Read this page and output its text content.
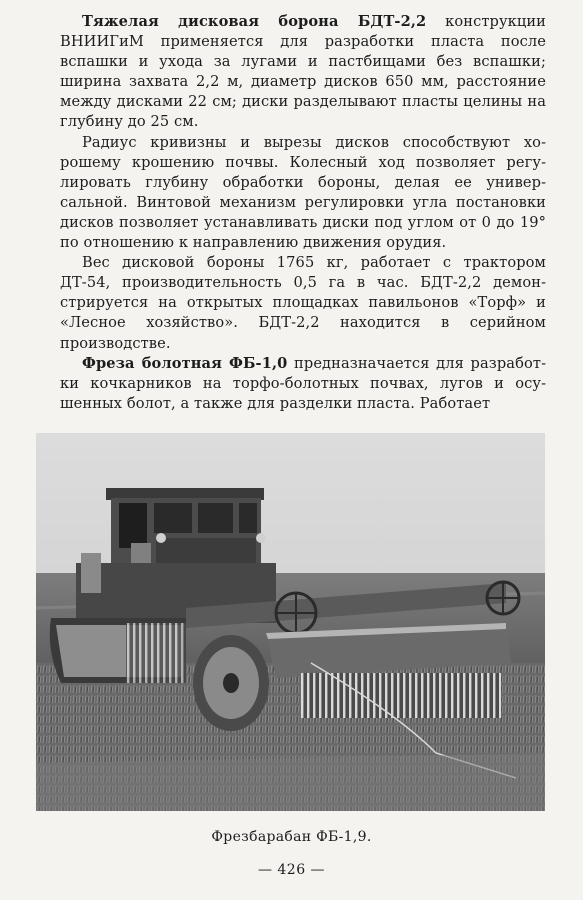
Тяжелая дисковая борона БДТ-2,2 конструкции ВНИИГиМ применяется для разработки пласта после вспашки и ухода за лугами и пастбищами без вспашки; ширина захвата 2,2 м, диаметр дисков 650 мм, расстояние между дисками 22 см; диски разделывают пласты целины на глубину до 25 см.

Радиус кривизны и вырезы дисков способствуют хорошему крошению почвы. Колесный ход позволяет регулировать глубину обработки бороны, делая ее универсальной. Винтовой механизм регулировки угла постановки дисков позволяет устанавливать диски под углом от 0 до 19° по отношению к направлению движения орудия.

Вес дисковой бороны 1765 кг, работает с трактором ДТ-54, производительность 0,5 га в час. БДТ-2,2 демонстрируется на открытых площадках павильонов «Торф» и «Лесное хозяйство». БДТ-2,2 находится в серийном производстве.

Фреза болотная ФБ-1,0 предназначается для разработки кочкарников на торфо-болотных почвах, лугов и осушенных болот, а также для разделки пласта. Работает

Фрезбарабан ФБ-1,9.
— 426 —
